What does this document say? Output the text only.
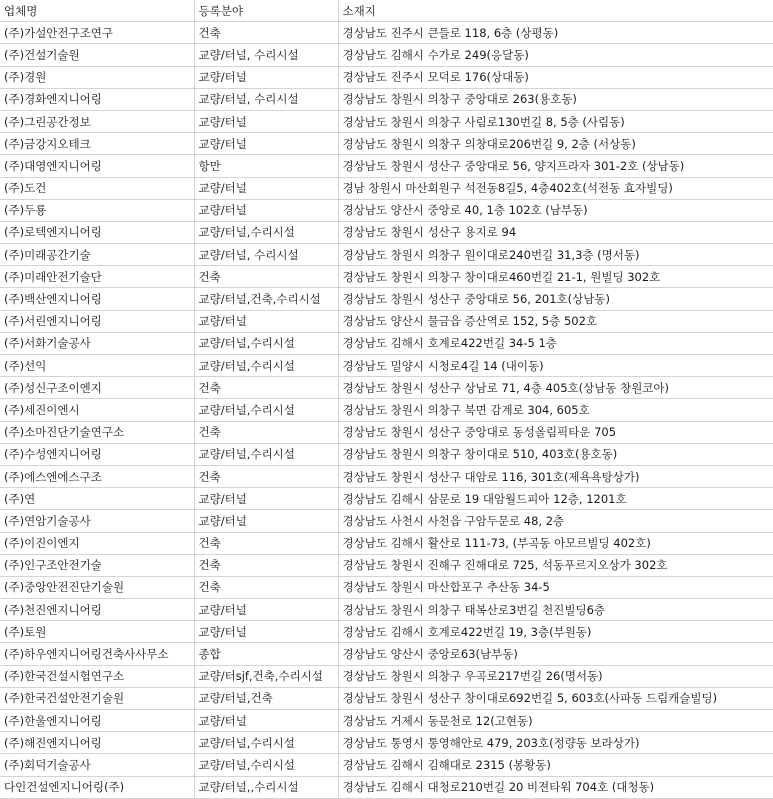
업체명	등록분야	소재지
(주)가설안전구조연구	건축	경상남도 진주시 큰들로 118, 6층 (상평동)
(주)건설기술원	교량/터널, 수리시설	경상남도 김해시 수가로 249(응달동)
(주)경원	교량/터널	경상남도 진주시 모덕로 176(상대동)
(주)경화엔지니어링	교량/터널, 수리시설	경상남도 창원시 의창구 중앙대로 263(용호동)
(주)그린공간정보	교량/터널	경상남도 창원시 의창구 사림로130번길 8, 5층 (사림동)
(주)금강지오테크	교량/터널	경상남도 창원시 의창구 의창대로206번길 9, 2층 (서상동)
(주)대영엔지니어링	항만	경상남도 창원시 성산구 중앙대로 56, 양지프라자 301-2호 (상남동)
(주)도건	교량/터널	경남 창원시 마산회원구 석전동8길5, 4층402호(석전동 효자빌딩)
(주)두룡	교량/터널	경상남도 양산시 중앙로 40, 1층 102호 (남부동)
(주)로텍엔지니어링	교량/터널,수리시설	경상남도 창원시 성산구 용지로 94
(주)미래공간기술	교량/터널, 수리시설	경상남도 창원시 의창구 원이대로240번길 31,3층 (명서동)
(주)미래안전기술단	건축	경상남도 창원시 의창구 창이대로460번길 21-1, 원빌딩 302호
(주)백산엔지니어링	교량/터널,건축,수리시설	경상남도 창원시 성산구 중앙대로 56, 201호(상남동)
(주)서린엔지니어링	교량/터널	경상남도 양산시 물금읍 증산역로 152, 5층 502호
(주)서화기술공사	교량/터널,수리시설	경상남도 김해시 호계로422번길 34-5 1층
(주)선익	교량/터널,수리시설	경상남도 밀양시 시청로4길 14 (내이동)
(주)성신구조이엔지	건축	경상남도 창원시 성산구 상남로 71, 4층 405호(상남동 창원코아)
(주)세진이엔시	교량/터널,수리시설	경상남도 창원시 의창구 북면 감계로 304, 605호
(주)소마진단기술연구소	건축	경상남도 창원시 성산구 중앙대로 동성올림픽타운 705
(주)수성엔지니어링	교량/터널,수리시설	경상남도 창원시 의창구 창이대로 510, 403호(용호동)
(주)에스엔에스구조	건축	경상남도 창원시 성산구 대암로 116, 301호(제욕욕탕상가)
(주)연	교량/터널	경상남도 김해시 삼문로 19 대암월드피아 12층, 1201호
(주)연암기술공사	교량/터널	경상남도 사천시 사천읍 구암두문로 48, 2층
(주)이진이엔지	건축	경상남도 김해시 활산로 111-73, (부곡동 아모르빌딩 402호)
(주)인구조안전기술	건축	경상남도 창원시 진해구 진해대로 725, 석동푸르지오상가 302호
(주)중앙안전진단기술원	건축	경상남도 창원시 마산합포구 추산동 34-5
(주)천진엔지니어링	교량/터널	경상남도 창원시 의창구 태복산로3번길 천진빌딩6층
(주)토원	교량/터널	경상남도 김해시 호계로422번길 19, 3층(부원동)
(주)하우엔지니어링건축사사무소	종합	경상남도 양산시 중앙로63(남부동)
(주)한국건설시험연구소	교량/터sjf,건축,수리시설	경상남도 창원시 의창구 우곡로217번길 26(명서동)
(주)한국건설안전기술원	교량/터널,건축	경상남도 창원시 성산구 창이대로692번길 5, 603호(사파동 드림캐슬빌딩)
(주)한울엔지니어링	교량/터널	경상남도 거제시 동문천로 12(고현동)
(주)해진엔지니어링	교량/터널,수리시설	경상남도 통영시 통영해안로 479, 203호(정량동 보라상가)
(주)회덕기술공사	교량/터널,수리시설	경상남도 김해시 김해대로 2315 (봉황동)
다인건설엔지니어링(주)	교량/터널,,수리시설	경상남도 김해시 대청로210번길 20 비젼타워 704호 (대청동)
